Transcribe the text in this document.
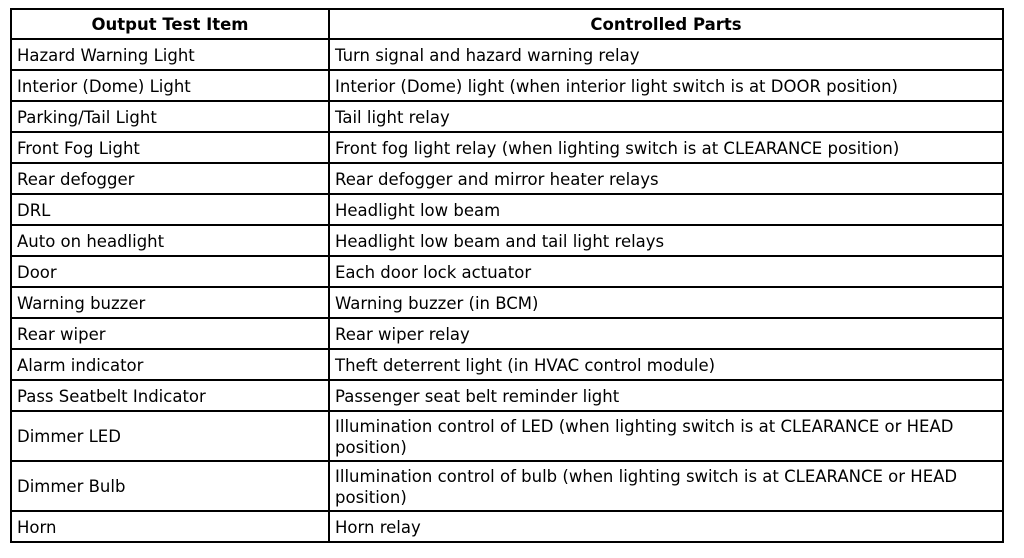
Output Test Item	Controlled Parts
Hazard Warning Light	Turn signal and hazard warning relay
Interior (Dome) Light	Interior (Dome) light (when interior light switch is at DOOR position)
Parking/Tail Light	Tail light relay
Front Fog Light	Front fog light relay (when lighting switch is at CLEARANCE position)
Rear defogger	Rear defogger and mirror heater relays
DRL	Headlight low beam
Auto on headlight	Headlight low beam and tail light relays
Door	Each door lock actuator
Warning buzzer	Warning buzzer (in BCM)
Rear wiper	Rear wiper relay
Alarm indicator	Theft deterrent light (in HVAC control module)
Pass Seatbelt Indicator	Passenger seat belt reminder light
Dimmer LED	Illumination control of LED (when lighting switch is at CLEARANCE or HEAD position)
Dimmer Bulb	Illumination control of bulb (when lighting switch is at CLEARANCE or HEAD position)
Horn	Horn relay
